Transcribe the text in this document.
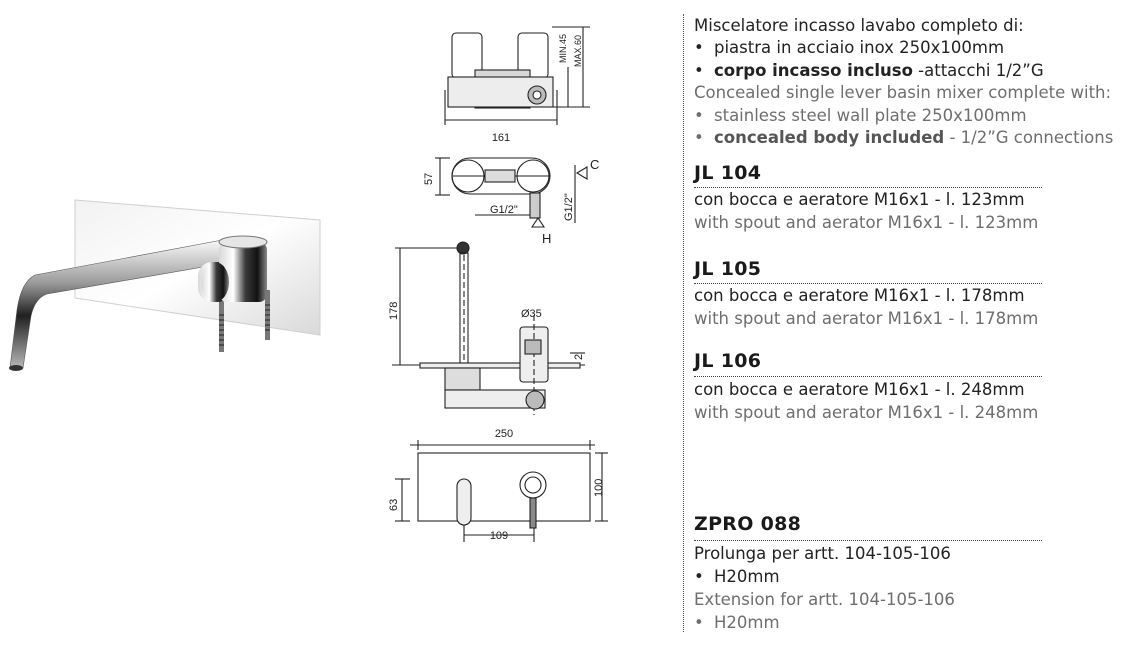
161
MIN.45 MAX.60
57
C
H
G1/2"	G1/2"
178	Ø35
2
250
100
63
109
Miscelatore incasso lavabo completo di:
• piastra in acciaio inox 250x100mm
• corpo incasso incluso -attacchi 1/2”G
Concealed single lever basin mixer complete with:
• stainless steel wall plate 250x100mm
• concealed body included - 1/2”G connections
JL 104
con bocca e aeratore M16x1 - l. 123mm
with spout and aerator M16x1 - l. 123mm
JL 105
con bocca e aeratore M16x1 - l. 178mm
with spout and aerator M16x1 - l. 178mm
JL 106
con bocca e aeratore M16x1 - l. 248mm
with spout and aerator M16x1 - l. 248mm
ZPRO 088
Prolunga per artt. 104-105-106
• H20mm
Extension for artt. 104-105-106
• H20mm
